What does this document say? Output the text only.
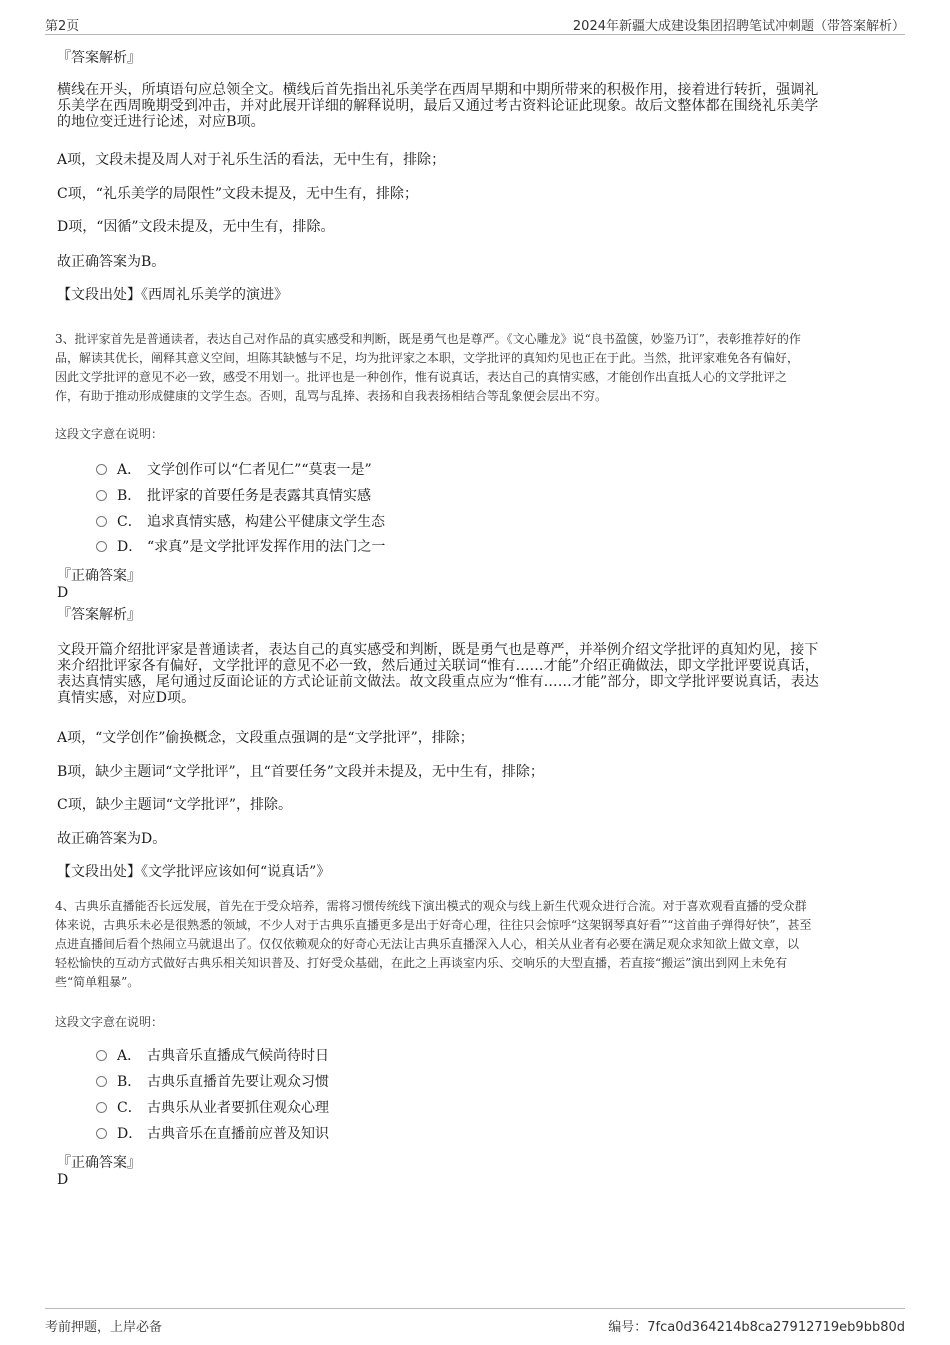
第2页	2024年新疆大成建设集团招聘笔试冲刺题（带答案解析）
『答案解析』
横线在开头，所填语句应总领全文。横线后首先指出礼乐美学在西周早期和中期所带来的积极作用，接着进行转折，强调礼
乐美学在西周晚期受到冲击，并对此展开详细的解释说明，最后又通过考古资料论证此现象。故后文整体都在围绕礼乐美学
的地位变迁进行论述，对应B项。
A项，文段未提及周人对于礼乐生活的看法，无中生有，排除；
C项，“礼乐美学的局限性”文段未提及，无中生有，排除；
D项，“因循”文段未提及，无中生有，排除。
故正确答案为B。
【文段出处】《西周礼乐美学的演进》
3、批评家首先是普通读者，表达自己对作品的真实感受和判断，既是勇气也是尊严。《文心雕龙》说“良书盈箧，妙鉴乃订”，表彰推荐好的作
品，解读其优长，阐释其意义空间，坦陈其缺憾与不足，均为批评家之本职，文学批评的真知灼见也正在于此。当然，批评家难免各有偏好，
因此文学批评的意见不必一致，感受不用划一。批评也是一种创作，惟有说真话，表达自己的真情实感，才能创作出直抵人心的文学批评之
作，有助于推动形成健康的文学生态。否则，乱骂与乱捧、表扬和自我表扬相结合等乱象便会层出不穷。
这段文字意在说明：
A． 文学创作可以“仁者见仁”“莫衷一是”
B． 批评家的首要任务是表露其真情实感
C． 追求真情实感，构建公平健康文学生态
D． “求真”是文学批评发挥作用的法门之一
『正确答案』
D
『答案解析』
文段开篇介绍批评家是普通读者，表达自己的真实感受和判断，既是勇气也是尊严，并举例介绍文学批评的真知灼见，接下
来介绍批评家各有偏好，文学批评的意见不必一致，然后通过关联词“惟有……才能”介绍正确做法，即文学批评要说真话，
表达真情实感，尾句通过反面论证的方式论证前文做法。故文段重点应为“惟有……才能”部分，即文学批评要说真话，表达
真情实感，对应D项。
A项，“文学创作”偷换概念，文段重点强调的是“文学批评”，排除；
B项，缺少主题词“文学批评”，且“首要任务”文段并未提及，无中生有，排除；
C项，缺少主题词“文学批评”，排除。
故正确答案为D。
【文段出处】《文学批评应该如何“说真话”》
4、古典乐直播能否长远发展，首先在于受众培养，需将习惯传统线下演出模式的观众与线上新生代观众进行合流。对于喜欢观看直播的受众群
体来说，古典乐未必是很熟悉的领域，不少人对于古典乐直播更多是出于好奇心理，往往只会惊呼“这架钢琴真好看”“这首曲子弹得好快”，甚至
点进直播间后看个热闹立马就退出了。仅仅依赖观众的好奇心无法让古典乐直播深入人心，相关从业者有必要在满足观众求知欲上做文章，以
轻松愉快的互动方式做好古典乐相关知识普及、打好受众基础，在此之上再谈室内乐、交响乐的大型直播，若直接“搬运”演出到网上未免有
些“简单粗暴”。
这段文字意在说明：
A． 古典音乐直播成气候尚待时日
B． 古典乐直播首先要让观众习惯
C． 古典乐从业者要抓住观众心理
D． 古典音乐在直播前应普及知识
『正确答案』
D
考前押题，上岸必备	编号：7fca0d364214b8ca27912719eb9bb80d
